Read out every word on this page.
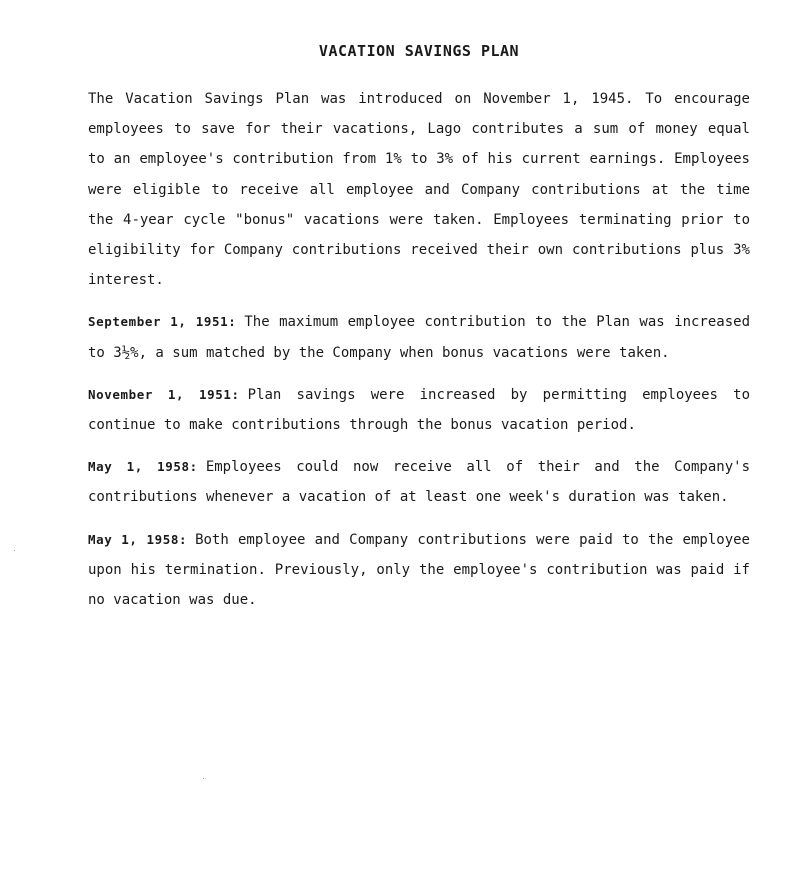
VACATION SAVINGS PLAN

The Vacation Savings Plan was introduced on November 1, 1945. To encourage employees to save for their vacations, Lago contributes a sum of money equal to an employee's contribution from 1% to 3% of his current earnings. Employees were eligible to receive all employee and Company contributions at the time the 4-year cycle "bonus" vacations were taken. Employees terminating prior to eligibility for Company contributions received their own contributions plus 3% interest.

September 1, 1951: The maximum employee contribution to the Plan was increased to 3½%, a sum matched by the Company when bonus vacations were taken.

November 1, 1951: Plan savings were increased by permitting employees to continue to make contributions through the bonus vacation period.

May 1, 1958: Employees could now receive all of their and the Company's contributions whenever a vacation of at least one week's duration was taken.

May 1, 1958: Both employee and Company contributions were paid to the employee upon his termination. Previously, only the employee's contribution was paid if no vacation was due.
